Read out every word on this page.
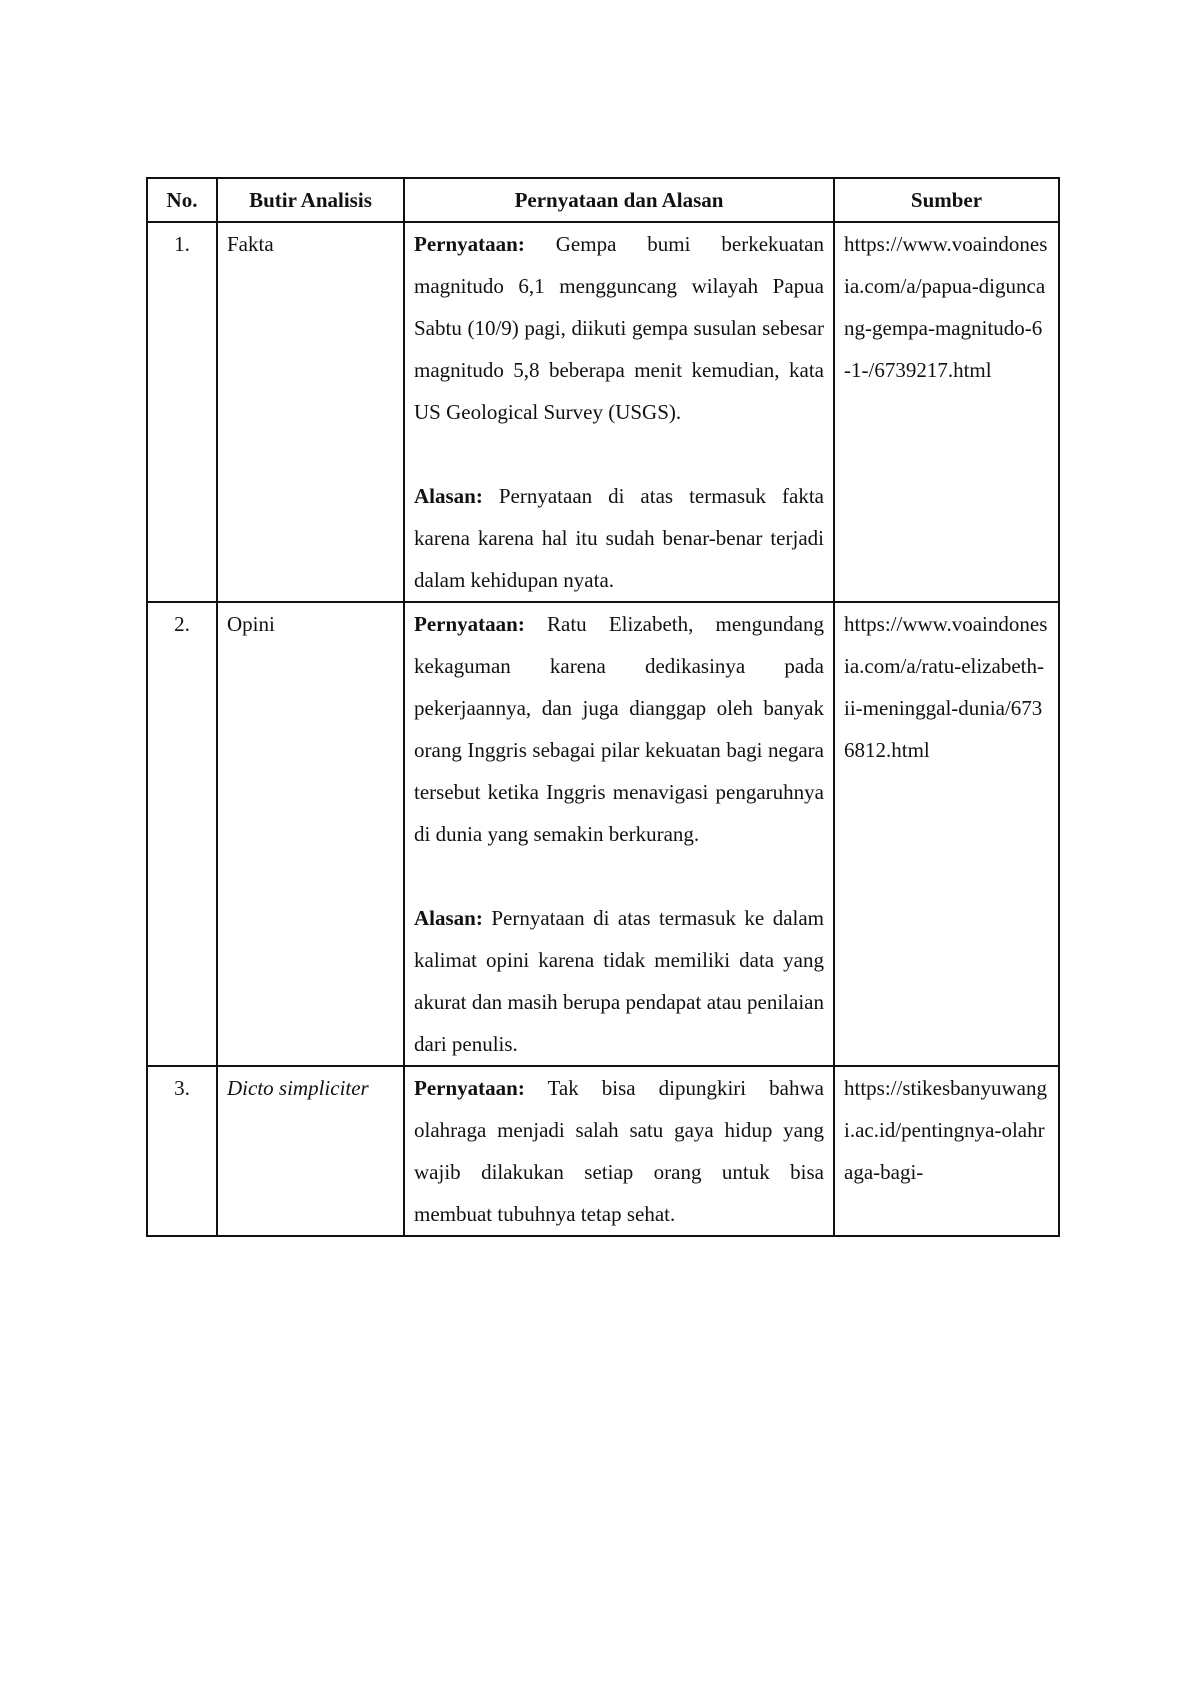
No.	Butir Analisis	Pernyataan dan Alasan	Sumber
1.	Fakta	Pernyataan: Gempa bumi berkekuatan magnitudo 6,1 mengguncang wilayah Papua Sabtu (10/9) pagi, diikuti gempa susulan sebesar magnitudo 5,8 beberapa menit kemudian, kata US Geological Survey (USGS).

Alasan: Pernyataan di atas termasuk fakta karena karena hal itu sudah benar-benar terjadi dalam kehidupan nyata.	https://www.voaindonesia.com/a/papua-diguncang-gempa-magnitudo-6-1-/6739217.html
2.	Opini	Pernyataan: Ratu Elizabeth, mengundang kekaguman karena dedikasinya pada pekerjaannya, dan juga dianggap oleh banyak orang Inggris sebagai pilar kekuatan bagi negara tersebut ketika Inggris menavigasi pengaruhnya di dunia yang semakin berkurang.

Alasan: Pernyataan di atas termasuk ke dalam kalimat opini karena tidak memiliki data yang akurat dan masih berupa pendapat atau penilaian dari penulis.	https://www.voaindonesia.com/a/ratu-elizabeth-ii-meninggal-dunia/6736812.html
3.	Dicto simpliciter	Pernyataan: Tak bisa dipungkiri bahwa olahraga menjadi salah satu gaya hidup yang wajib dilakukan setiap orang untuk bisa membuat tubuhnya tetap sehat.	https://stikesbanyuwangi.ac.id/pentingnya-olahraga-bagi-
